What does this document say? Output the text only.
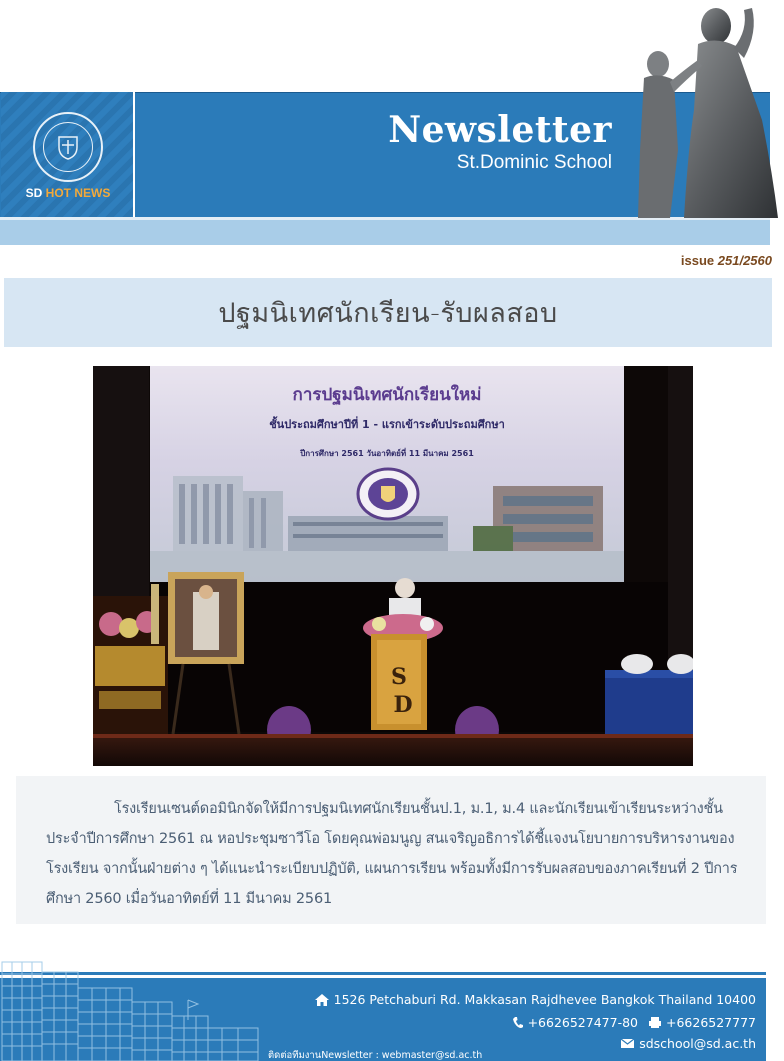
SD HOT NEWS
Newsletter
St.Dominic School
issue 251/2560
ปฐมนิเทศนักเรียน-รับผลสอบ
การปฐมนิเทศนักเรียนใหม่
ชั้นประถมศึกษาปีที่ 1 - แรกเข้าระดับประถมศึกษา
ปีการศึกษา 2561 วันอาทิตย์ที่ 11 มีนาคม 2561
S
D

โรงเรียนเซนต์ดอมินิกจัดให้มีการปฐมนิเทศนักเรียนชั้นป.1, ม.1, ม.4 และนักเรียนเข้าเรียนระหว่างชั้นประจำปีการศึกษา 2561 ณ หอประชุมซาวีโอ โดยคุณพ่อมนูญ สนเจริญอธิการได้ชี้แจงนโยบายการบริหารงานของโรงเรียน จากนั้นฝ่ายต่าง ๆ ได้แนะนำระเบียบปฏิบัติ, แผนการเรียน พร้อมทั้งมีการรับผลสอบของภาคเรียนที่ 2 ปีการศึกษา 2560 เมื่อวันอาทิตย์ที่ 11 มีนาคม 2561

1526 Petchaburi Rd. Makkasan Rajdhevee Bangkok Thailand 10400
+6626527477-80 +6626527777
sdschool@sd.ac.th
ติดต่อทีมงานNewsletter : webmaster@sd.ac.th
